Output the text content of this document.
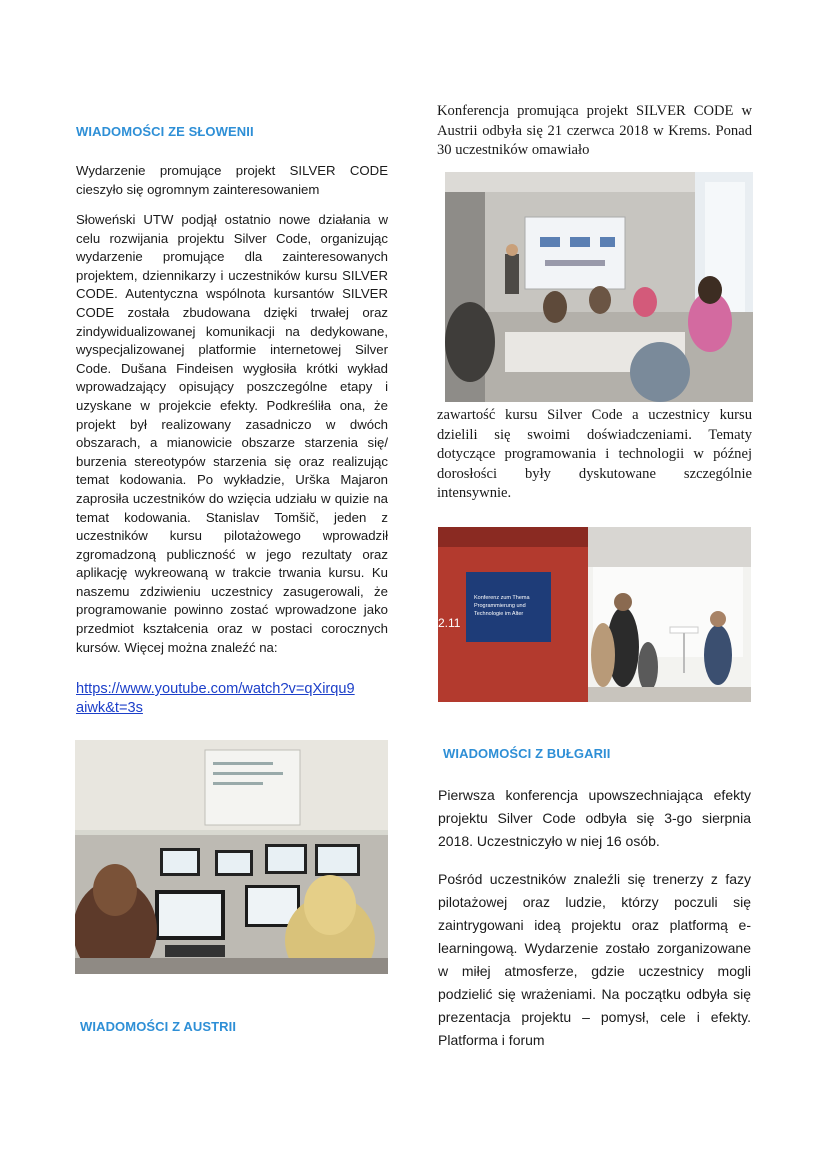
WIADOMOŚCI ZE SŁOWENII
Wydarzenie promujące projekt SILVER CODE cieszyło się ogromnym zainteresowaniem
Słoweński UTW podjął ostatnio nowe działania w celu rozwijania projektu Silver Code, organizując wydarzenie promujące dla zainteresowanych projektem, dziennikarzy i uczestników kursu SILVER CODE. Autentyczna wspólnota kursantów SILVER CODE została zbudowana dzięki trwałej oraz zindywidualizowanej komunikacji na dedykowane, wyspecjalizowanej platformie internetowej Silver Code. Dušana Findeisen wygłosiła krótki wykład wprowadzający opisujący poszczególne etapy i uzyskane w projekcie efekty. Podkreśliła ona, że projekt był realizowany zasadniczo w dwóch obszarach, a mianowicie obszarze starzenia się/ burzenia stereotypów starzenia się oraz realizując temat kodowania. Po wykładzie, Urška Majaron zaprosiła uczestników do wzięcia udziału w quizie na temat kodowania. Stanislav Tomšič, jeden z uczestników kursu pilotażowego wprowadził zgromadzoną publiczność w jego rezultaty oraz aplikację wykreowaną w trakcie trwania kursu. Ku naszemu zdziwieniu uczestnicy zasugerowali, że programowanie powinno zostać wprowadzone jako przedmiot kształcenia oraz w postaci corocznych kursów. Więcej można znaleźć na:
https://www.youtube.com/watch?v=qXirqu9
aiwk&t=3s
WIADOMOŚCI Z AUSTRII
Konferencja promująca projekt SILVER CODE w Austrii odbyła się 21 czerwca 2018 w Krems. Ponad 30 uczestników omawiało
zawartość kursu Silver Code a uczestnicy kursu dzielili się swoimi doświadczeniami. Tematy dotyczące programowania i technologii w późnej dorosłości były dyskutowane szczególnie intensywnie.
2.11
Konferenz zum Thema
Programmierung und
Technologie im Alter
WIADOMOŚCI Z BUŁGARII
Pierwsza konferencja upowszechniająca efekty projektu Silver Code odbyła się 3-go sierpnia 2018. Uczestniczyło w niej 16 osób.
Pośród uczestników znaleźli się trenerzy z fazy pilotażowej oraz ludzie, którzy poczuli się zaintrygowani ideą projektu oraz platformą e-learningową. Wydarzenie zostało zorganizowane w miłej atmosferze, gdzie uczestnicy mogli podzielić się wrażeniami. Na początku odbyła się prezentacja projektu – pomysł, cele i efekty. Platforma i forum
